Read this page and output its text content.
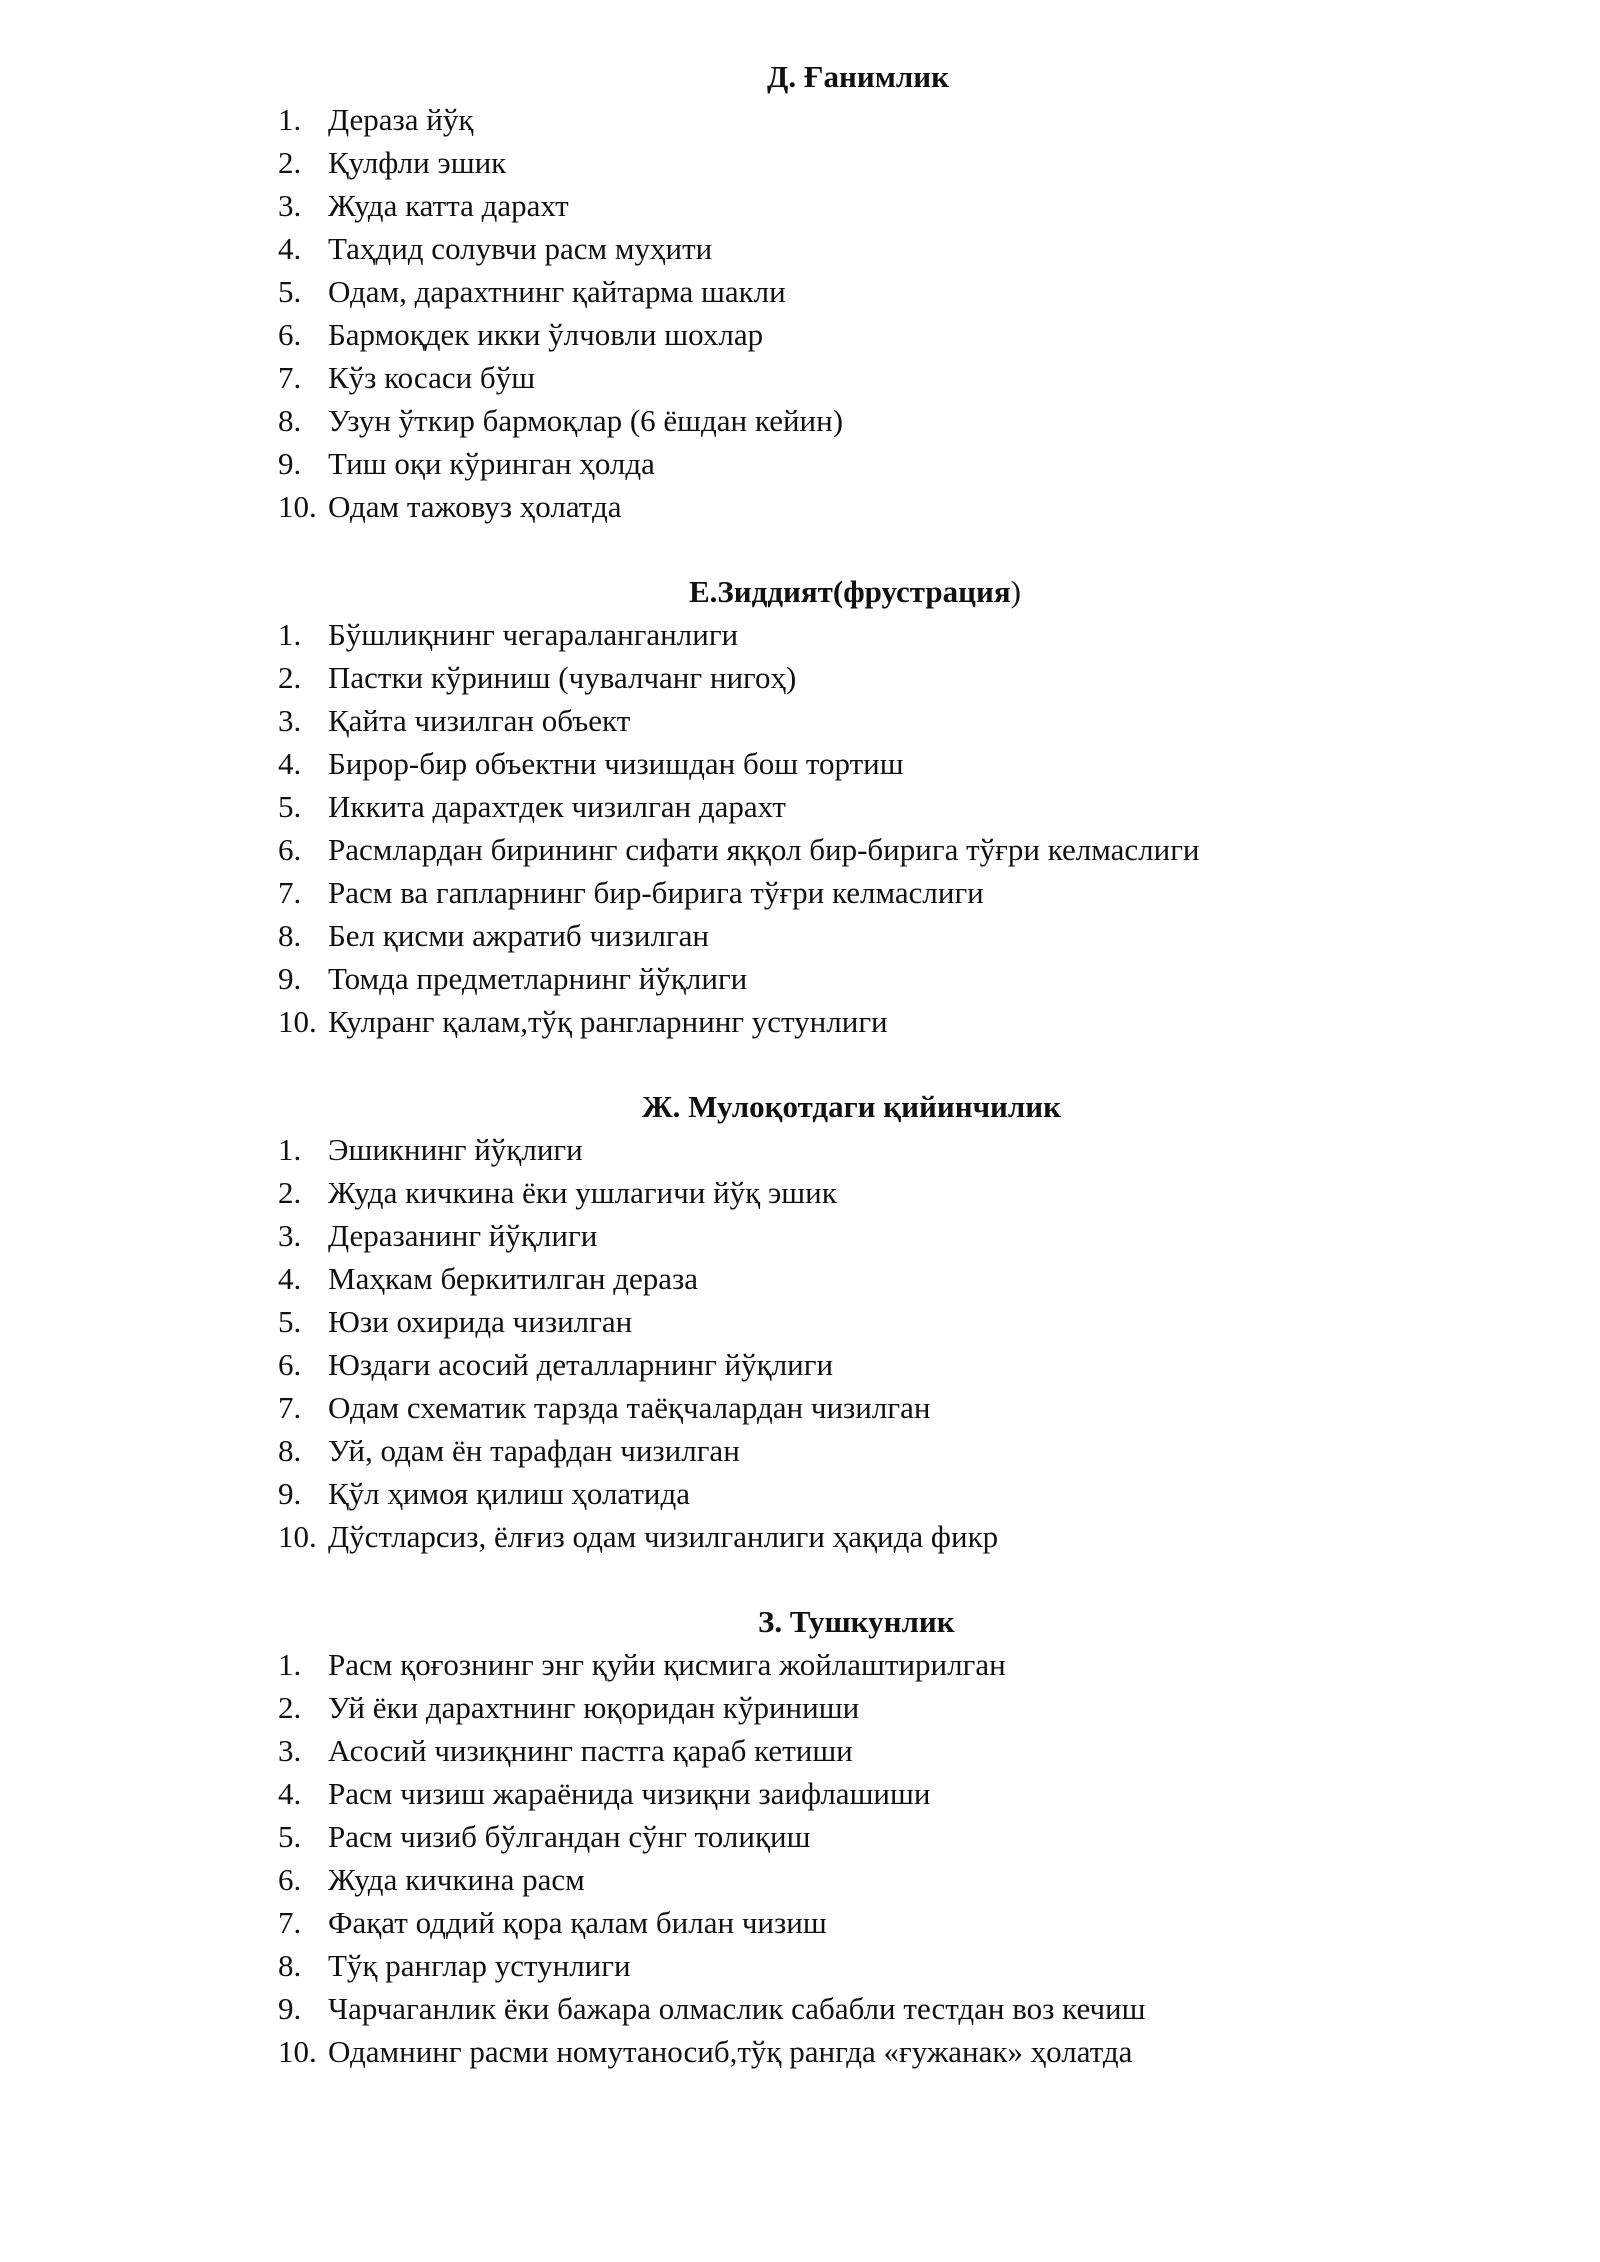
Д. Ғанимлик
1. Дераза йўқ
2. Қулфли эшик
3. Жуда катта дарахт
4. Таҳдид солувчи расм муҳити
5. Одам, дарахтнинг қайтарма шакли
6. Бармоқдек икки ўлчовли шохлар
7. Кўз косаси бўш
8. Узун ўткир бармоқлар (6 ёшдан кейин)
9. Тиш оқи кўринган ҳолда
10. Одам тажовуз ҳолатда
Е.Зиддият(фрустрация)
1. Бўшлиқнинг чегараланганлиги
2. Пастки кўриниш (чувалчанг нигоҳ)
3. Қайта чизилган объект
4. Бирор-бир объектни чизишдан бош тортиш
5. Иккита дарахтдек чизилган дарахт
6. Расмлардан бирининг сифати яққол бир-бирига тўғри келмаслиги
7. Расм ва гапларнинг бир-бирига тўғри келмаслиги
8. Бел қисми ажратиб чизилган
9. Томда предметларнинг йўқлиги
10. Кулранг қалам,тўқ рангларнинг устунлиги
Ж. Мулоқотдаги қийинчилик
1. Эшикнинг йўқлиги
2. Жуда кичкина ёки ушлагичи йўқ эшик
3. Деразанинг йўқлиги
4. Маҳкам беркитилган дераза
5. Юзи охирида чизилган
6. Юздаги асосий деталларнинг йўқлиги
7. Одам схематик тарзда таёқчалардан чизилган
8. Уй, одам ён тарафдан чизилган
9. Қўл ҳимоя қилиш ҳолатида
10. Дўстларсиз, ёлғиз одам чизилганлиги ҳақида фикр
З. Тушкунлик
1. Расм қоғознинг энг қуйи қисмига жойлаштирилган
2. Уй ёки дарахтнинг юқоридан кўриниши
3. Асосий чизиқнинг пастга қараб кетиши
4. Расм чизиш жараёнида чизиқни заифлашиши
5. Расм чизиб бўлгандан сўнг толиқиш
6. Жуда кичкина расм
7. Фақат оддий қора қалам билан чизиш
8. Тўқ ранглар устунлиги
9. Чарчаганлик ёки бажара олмаслик сабабли тестдан воз кечиш
10. Одамнинг расми номутаносиб,тўқ рангда «ғужанак» ҳолатда
